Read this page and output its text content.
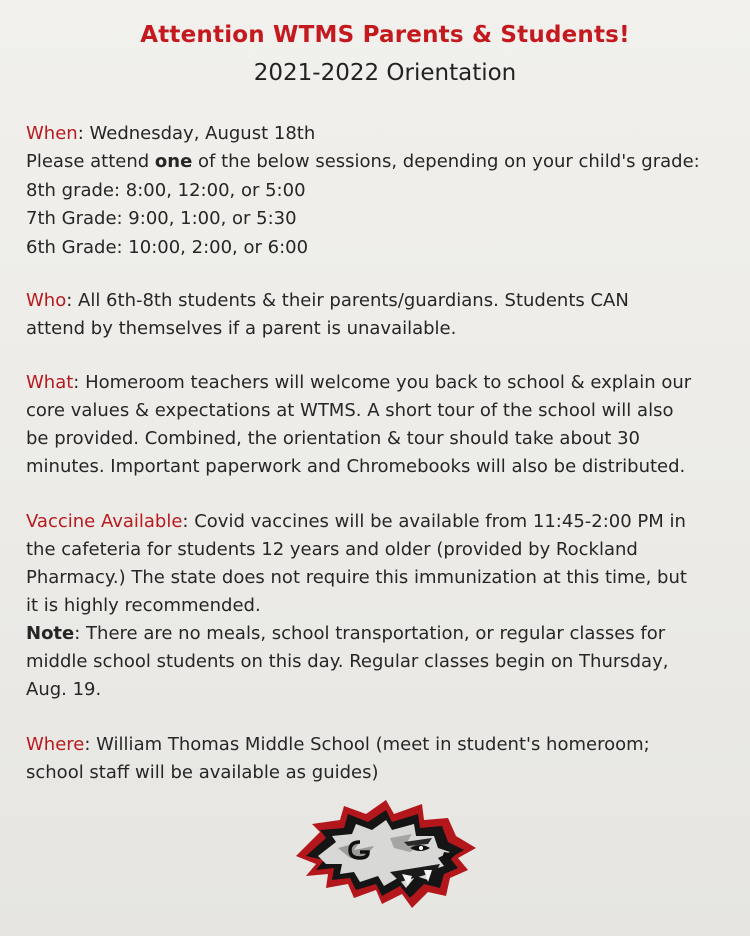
Attention WTMS Parents & Students!
2021-2022 Orientation
When: Wednesday, August 18th
Please attend one of the below sessions, depending on your child's grade:
8th grade: 8:00, 12:00, or 5:00
7th Grade: 9:00, 1:00, or 5:30
6th Grade: 10:00, 2:00, or 6:00
Who: All 6th-8th students & their parents/guardians. Students CAN
attend by themselves if a parent is unavailable.
What: Homeroom teachers will welcome you back to school & explain our
core values & expectations at WTMS. A short tour of the school will also
be provided. Combined, the orientation & tour should take about 30
minutes. Important paperwork and Chromebooks will also be distributed.
Vaccine Available: Covid vaccines will be available from 11:45-2:00 PM in
the cafeteria for students 12 years and older (provided by Rockland
Pharmacy.) The state does not require this immunization at this time, but
it is highly recommended.
Note: There are no meals, school transportation, or regular classes for
middle school students on this day. Regular classes begin on Thursday,
Aug. 19.
Where: William Thomas Middle School (meet in student's homeroom;
school staff will be available as guides)
